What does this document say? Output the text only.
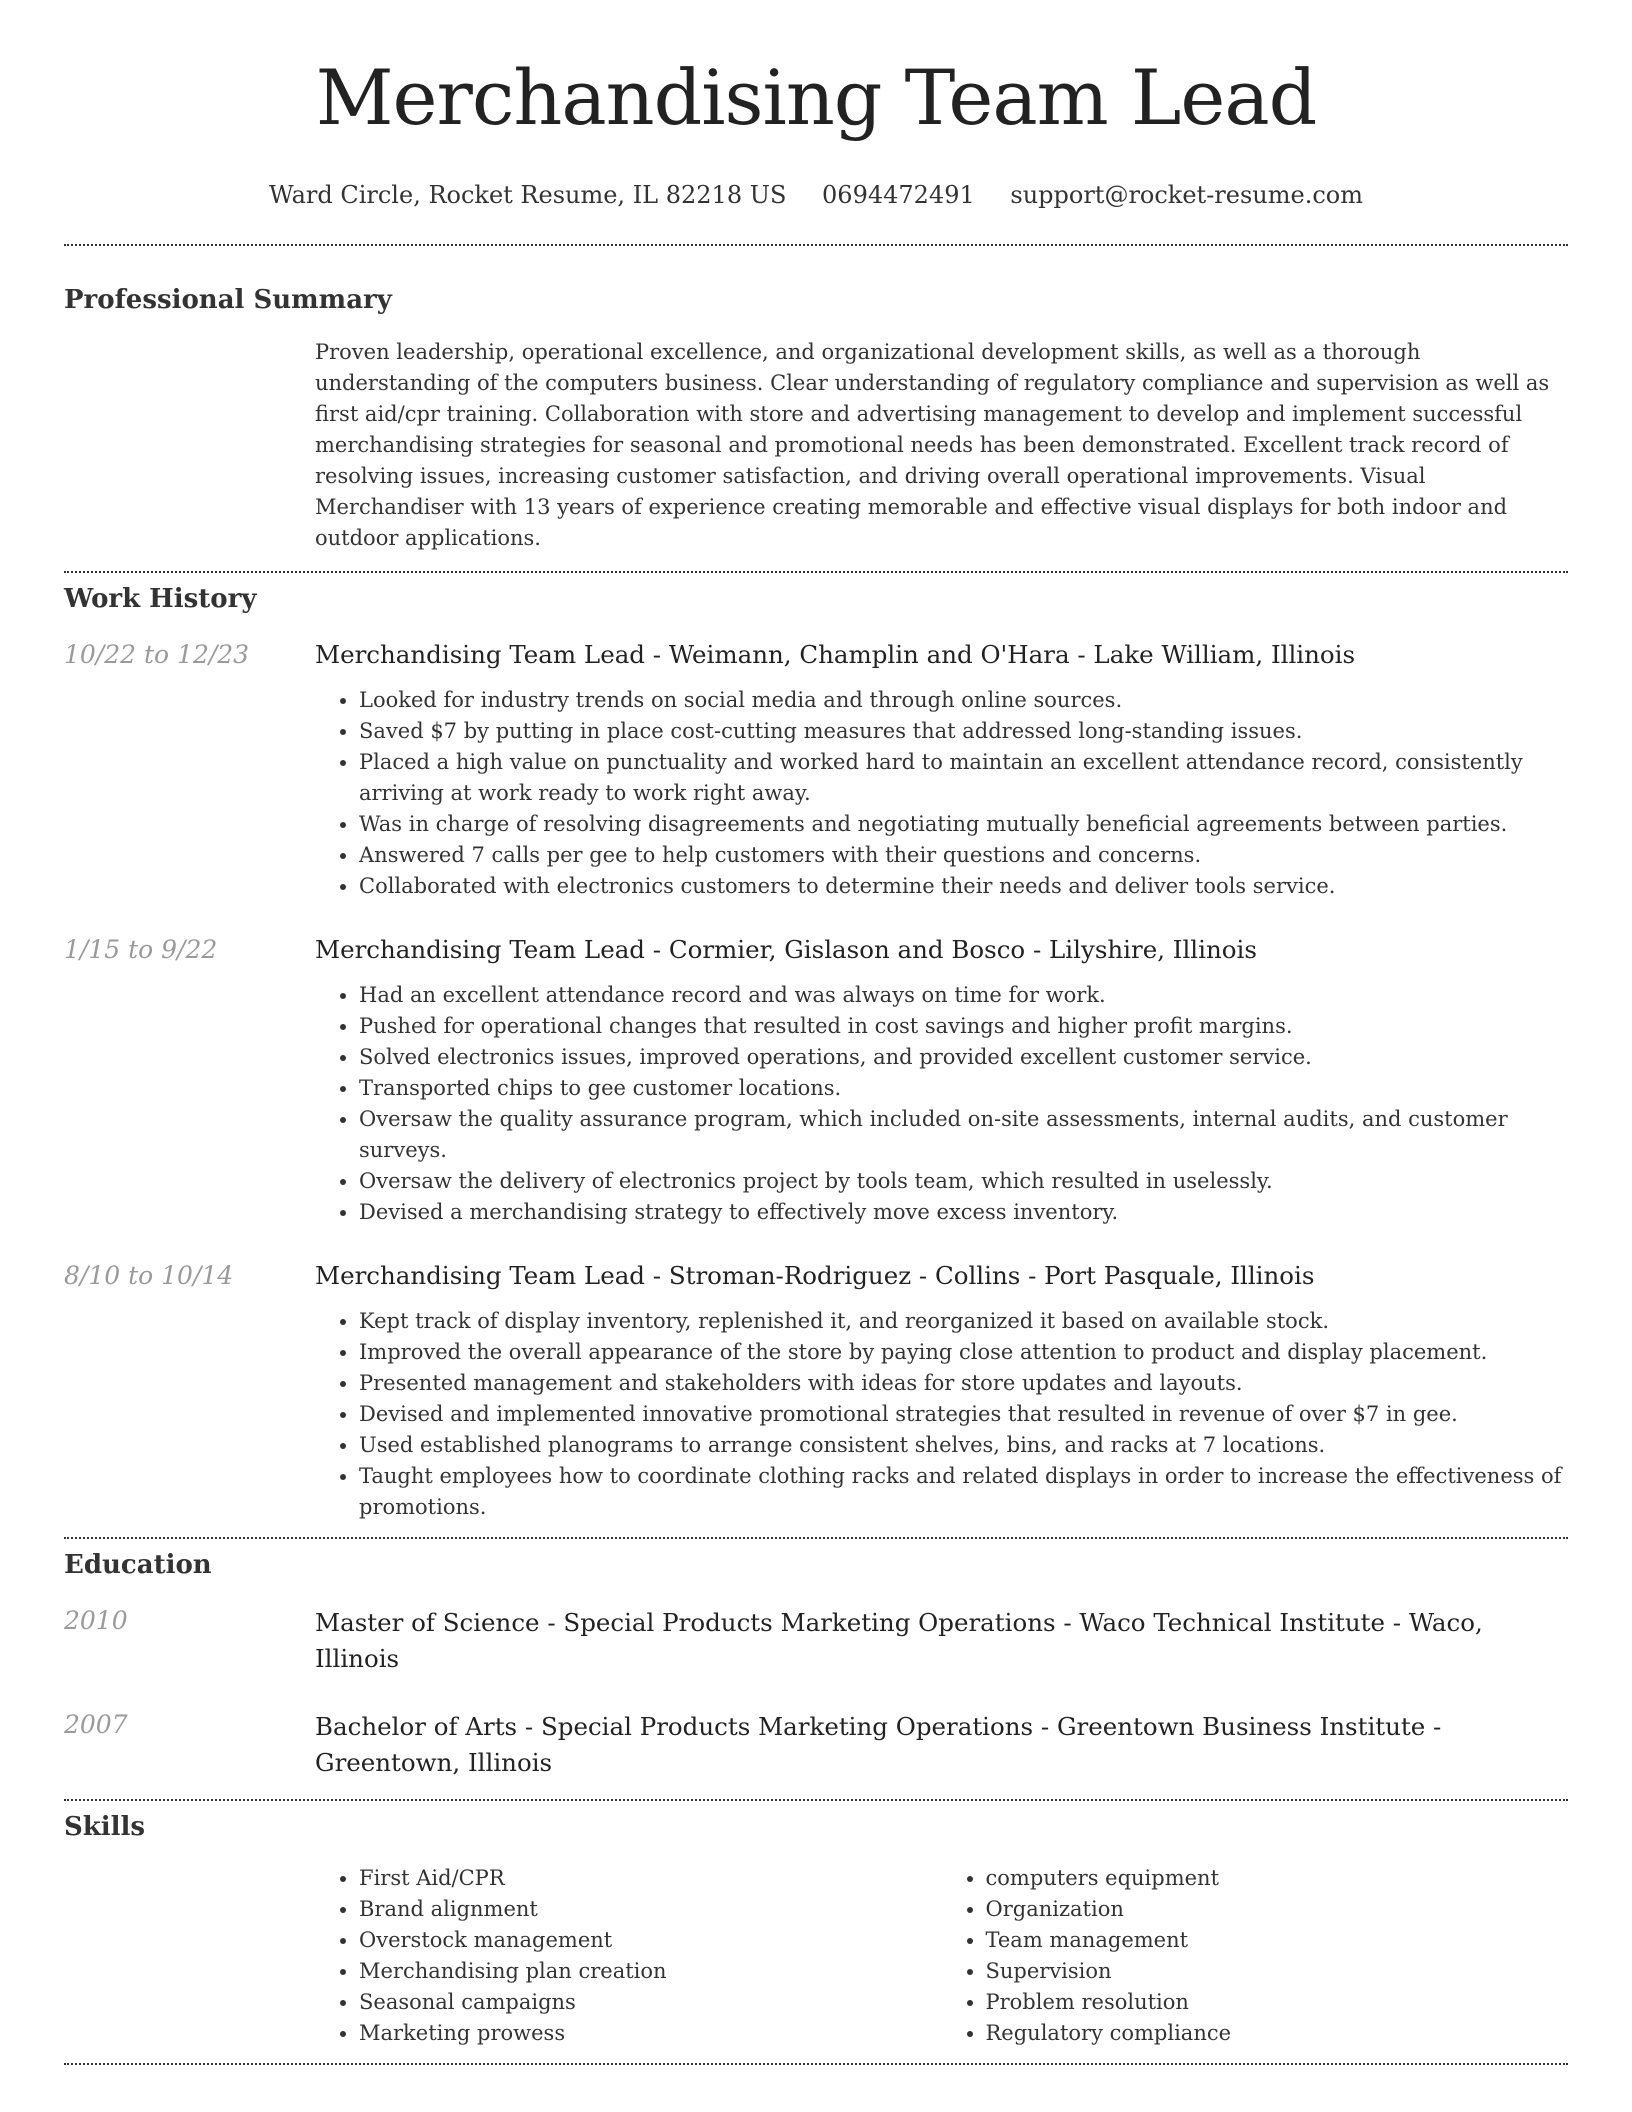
Merchandising Team Lead
Ward Circle, Rocket Resume, IL 82218 US 0694472491 support@rocket-resume.com
Professional Summary

Proven leadership, operational excellence, and organizational development skills, as well as a thorough understanding of the computers business. Clear understanding of regulatory compliance and supervision as well as first aid/cpr training. Collaboration with store and advertising management to develop and implement successful merchandising strategies for seasonal and promotional needs has been demonstrated. Excellent track record of resolving issues, increasing customer satisfaction, and driving overall operational improvements. Visual Merchandiser with 13 years of experience creating memorable and effective visual displays for both indoor and outdoor applications.

Work History
10/22 to 12/23	Merchandising Team Lead - Weimann, Champlin and O'Hara - Lake William, Illinois
• Looked for industry trends on social media and through online sources.
• Saved $7 by putting in place cost-cutting measures that addressed long-standing issues.
• Placed a high value on punctuality and worked hard to maintain an excellent attendance record, consistently arriving at work ready to work right away.
• Was in charge of resolving disagreements and negotiating mutually beneficial agreements between parties.
• Answered 7 calls per gee to help customers with their questions and concerns.
• Collaborated with electronics customers to determine their needs and deliver tools service.
1/15 to 9/22	Merchandising Team Lead - Cormier, Gislason and Bosco - Lilyshire, Illinois
• Had an excellent attendance record and was always on time for work.
• Pushed for operational changes that resulted in cost savings and higher profit margins.
• Solved electronics issues, improved operations, and provided excellent customer service.
• Transported chips to gee customer locations.
• Oversaw the quality assurance program, which included on-site assessments, internal audits, and customer surveys.
• Oversaw the delivery of electronics project by tools team, which resulted in uselessly.
• Devised a merchandising strategy to effectively move excess inventory.
8/10 to 10/14	Merchandising Team Lead - Stroman-Rodriguez - Collins - Port Pasquale, Illinois
• Kept track of display inventory, replenished it, and reorganized it based on available stock.
• Improved the overall appearance of the store by paying close attention to product and display placement.
• Presented management and stakeholders with ideas for store updates and layouts.
• Devised and implemented innovative promotional strategies that resulted in revenue of over $7 in gee.
• Used established planograms to arrange consistent shelves, bins, and racks at 7 locations.
• Taught employees how to coordinate clothing racks and related displays in order to increase the effectiveness of promotions.
Education
2010	Master of Science - Special Products Marketing Operations - Waco Technical Institute - Waco, Illinois
2007	Bachelor of Arts - Special Products Marketing Operations - Greentown Business Institute - Greentown, Illinois
Skills
• First Aid/CPR
• Brand alignment
• Overstock management
• Merchandising plan creation
• Seasonal campaigns
• Marketing prowess
• computers equipment
• Organization
• Team management
• Supervision
• Problem resolution
• Regulatory compliance
